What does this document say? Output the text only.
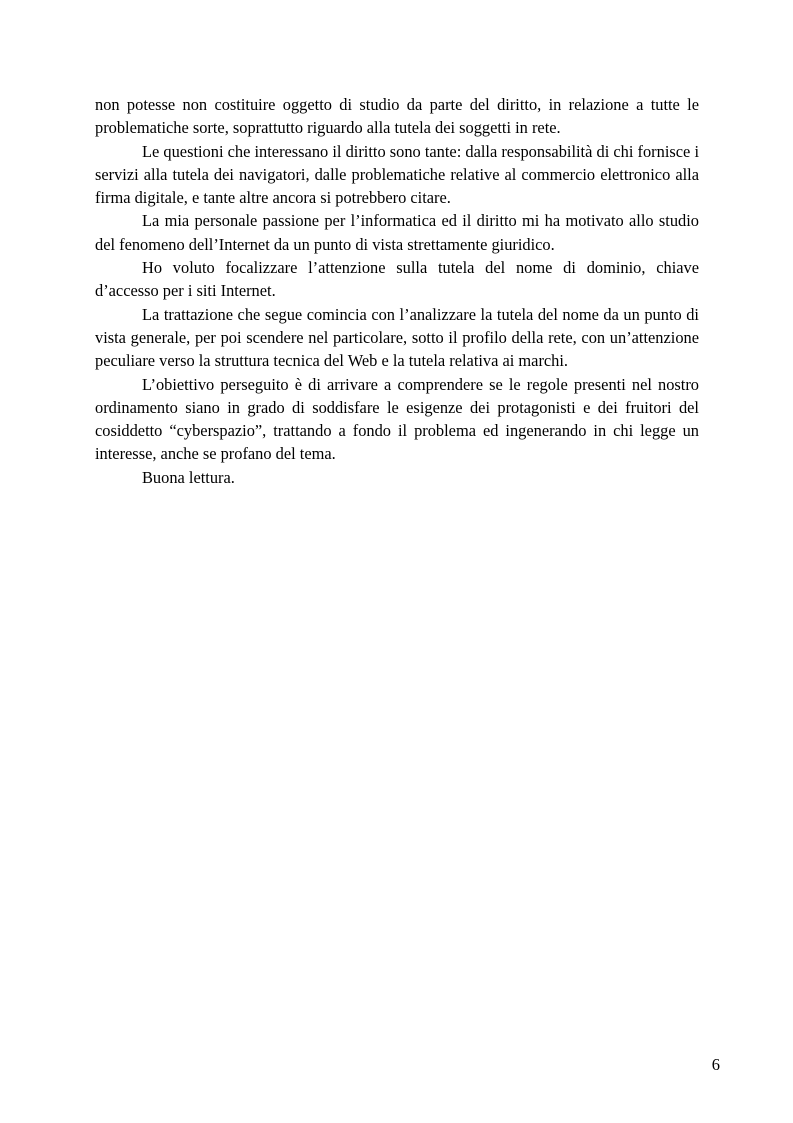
non potesse non costituire oggetto di studio da parte del diritto, in relazione a tutte le problematiche sorte, soprattutto riguardo alla tutela dei soggetti in rete.

Le questioni che interessano il diritto sono tante: dalla responsabilità di chi fornisce i servizi alla tutela dei navigatori, dalle problematiche relative al commercio elettronico alla firma digitale, e tante altre ancora si potrebbero citare.

La mia personale passione per l’informatica ed il diritto mi ha motivato allo studio del fenomeno dell’Internet da un punto di vista strettamente giuridico.

Ho voluto focalizzare l’attenzione sulla tutela del nome di dominio, chiave d’accesso per i siti Internet.

La trattazione che segue comincia con l’analizzare la tutela del nome da un punto di vista generale, per poi scendere nel particolare, sotto il profilo della rete, con un’attenzione peculiare verso la struttura tecnica del Web e la tutela relativa ai marchi.

L’obiettivo perseguito è di arrivare a comprendere se le regole presenti nel nostro ordinamento siano in grado di soddisfare le esigenze dei protagonisti e dei fruitori del cosiddetto “cyberspazio”, trattando a fondo il problema ed ingenerando in chi legge un interesse, anche se profano del tema.

Buona lettura.

6
